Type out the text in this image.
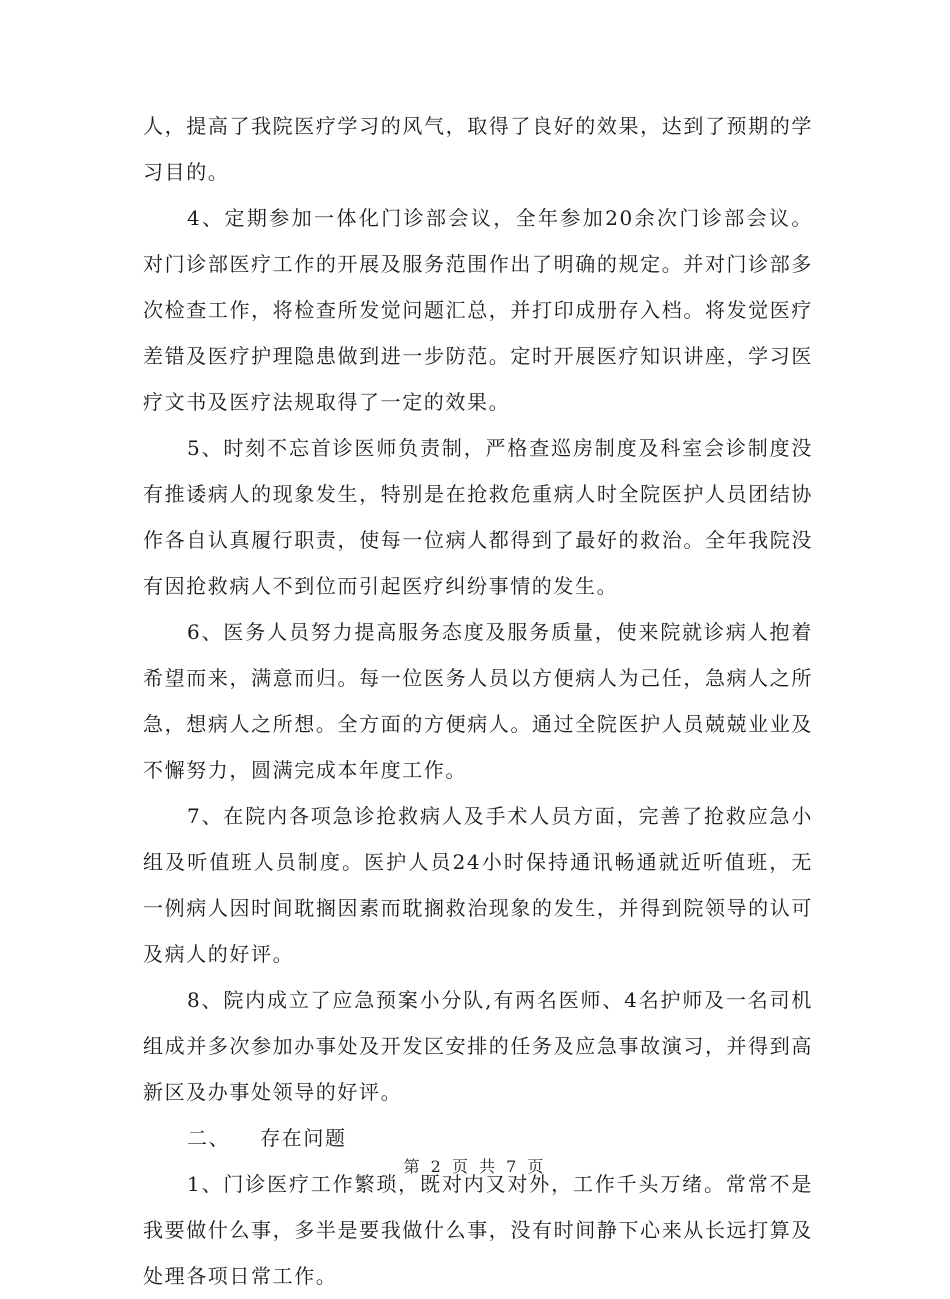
人，提高了我院医疗学习的风气，取得了良好的效果，达到了预期的学习目的。

4、定期参加一体化门诊部会议，全年参加20余次门诊部会议。对门诊部医疗工作的开展及服务范围作出了明确的规定。并对门诊部多次检查工作，将检查所发觉问题汇总，并打印成册存入档。将发觉医疗差错及医疗护理隐患做到进一步防范。定时开展医疗知识讲座，学习医疗文书及医疗法规取得了一定的效果。

5、时刻不忘首诊医师负责制，严格查巡房制度及科室会诊制度没有推诿病人的现象发生，特别是在抢救危重病人时全院医护人员团结协作各自认真履行职责，使每一位病人都得到了最好的救治。全年我院没有因抢救病人不到位而引起医疗纠纷事情的发生。

6、医务人员努力提高服务态度及服务质量，使来院就诊病人抱着希望而来，满意而归。每一位医务人员以方便病人为己任，急病人之所急，想病人之所想。全方面的方便病人。通过全院医护人员兢兢业业及不懈努力，圆满完成本年度工作。

7、在院内各项急诊抢救病人及手术人员方面，完善了抢救应急小组及听值班人员制度。医护人员24小时保持通讯畅通就近听值班，无一例病人因时间耽搁因素而耽搁救治现象的发生，并得到院领导的认可及病人的好评。

8、院内成立了应急预案小分队,有两名医师、4名护师及一名司机组成并多次参加办事处及开发区安排的任务及应急事故演习，并得到高新区及办事处领导的好评。

二、 存在问题

1、门诊医疗工作繁琐，既对内又对外，工作千头万绪。常常不是我要做什么事，多半是要我做什么事，没有时间静下心来从长远打算及处理各项日常工作。

第 2 页 共 7 页
